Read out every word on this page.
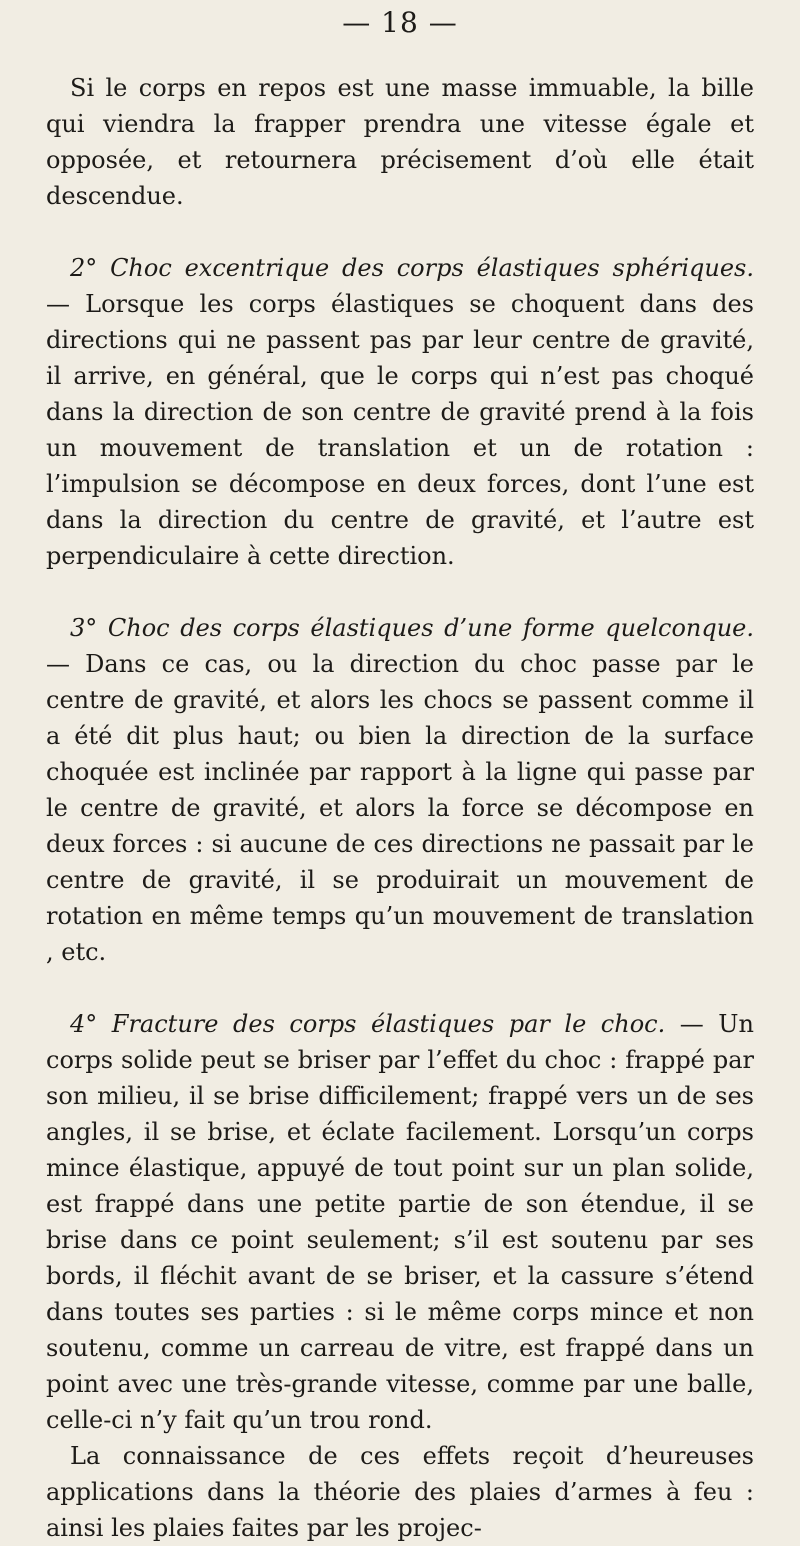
— 18 —

Si le corps en repos est une masse immuable, la bille qui viendra la frapper prendra une vitesse égale et opposée, et retournera précisement d’où elle était descendue.

2° Choc excentrique des corps élastiques sphériques. — Lorsque les corps élastiques se choquent dans des directions qui ne passent pas par leur centre de gravité, il arrive, en général, que le corps qui n’est pas choqué dans la direction de son centre de gravité prend à la fois un mouvement de translation et un de rotation : l’impulsion se décompose en deux forces, dont l’une est dans la direction du centre de gravité, et l’autre est perpendiculaire à cette direction.

3° Choc des corps élastiques d’une forme quelconque. — Dans ce cas, ou la direction du choc passe par le centre de gravité, et alors les chocs se passent comme il a été dit plus haut; ou bien la direction de la surface choquée est inclinée par rapport à la ligne qui passe par le centre de gravité, et alors la force se décompose en deux forces : si aucune de ces directions ne passait par le centre de gravité, il se produirait un mouvement de rotation en même temps qu’un mouvement de translation , etc.

4° Fracture des corps élastiques par le choc. — Un corps solide peut se briser par l’effet du choc : frappé par son milieu, il se brise difficilement; frappé vers un de ses angles, il se brise, et éclate facilement. Lorsqu’un corps mince élastique, appuyé de tout point sur un plan solide, est frappé dans une petite partie de son étendue, il se brise dans ce point seulement; s’il est soutenu par ses bords, il fléchit avant de se briser, et la cassure s’étend dans toutes ses parties : si le même corps mince et non soutenu, comme un carreau de vitre, est frappé dans un point avec une très-grande vitesse, comme par une balle, celle-ci n’y fait qu’un trou rond.

La connaissance de ces effets reçoit d’heureuses applications dans la théorie des plaies d’armes à feu : ainsi les plaies faites par les projec-
